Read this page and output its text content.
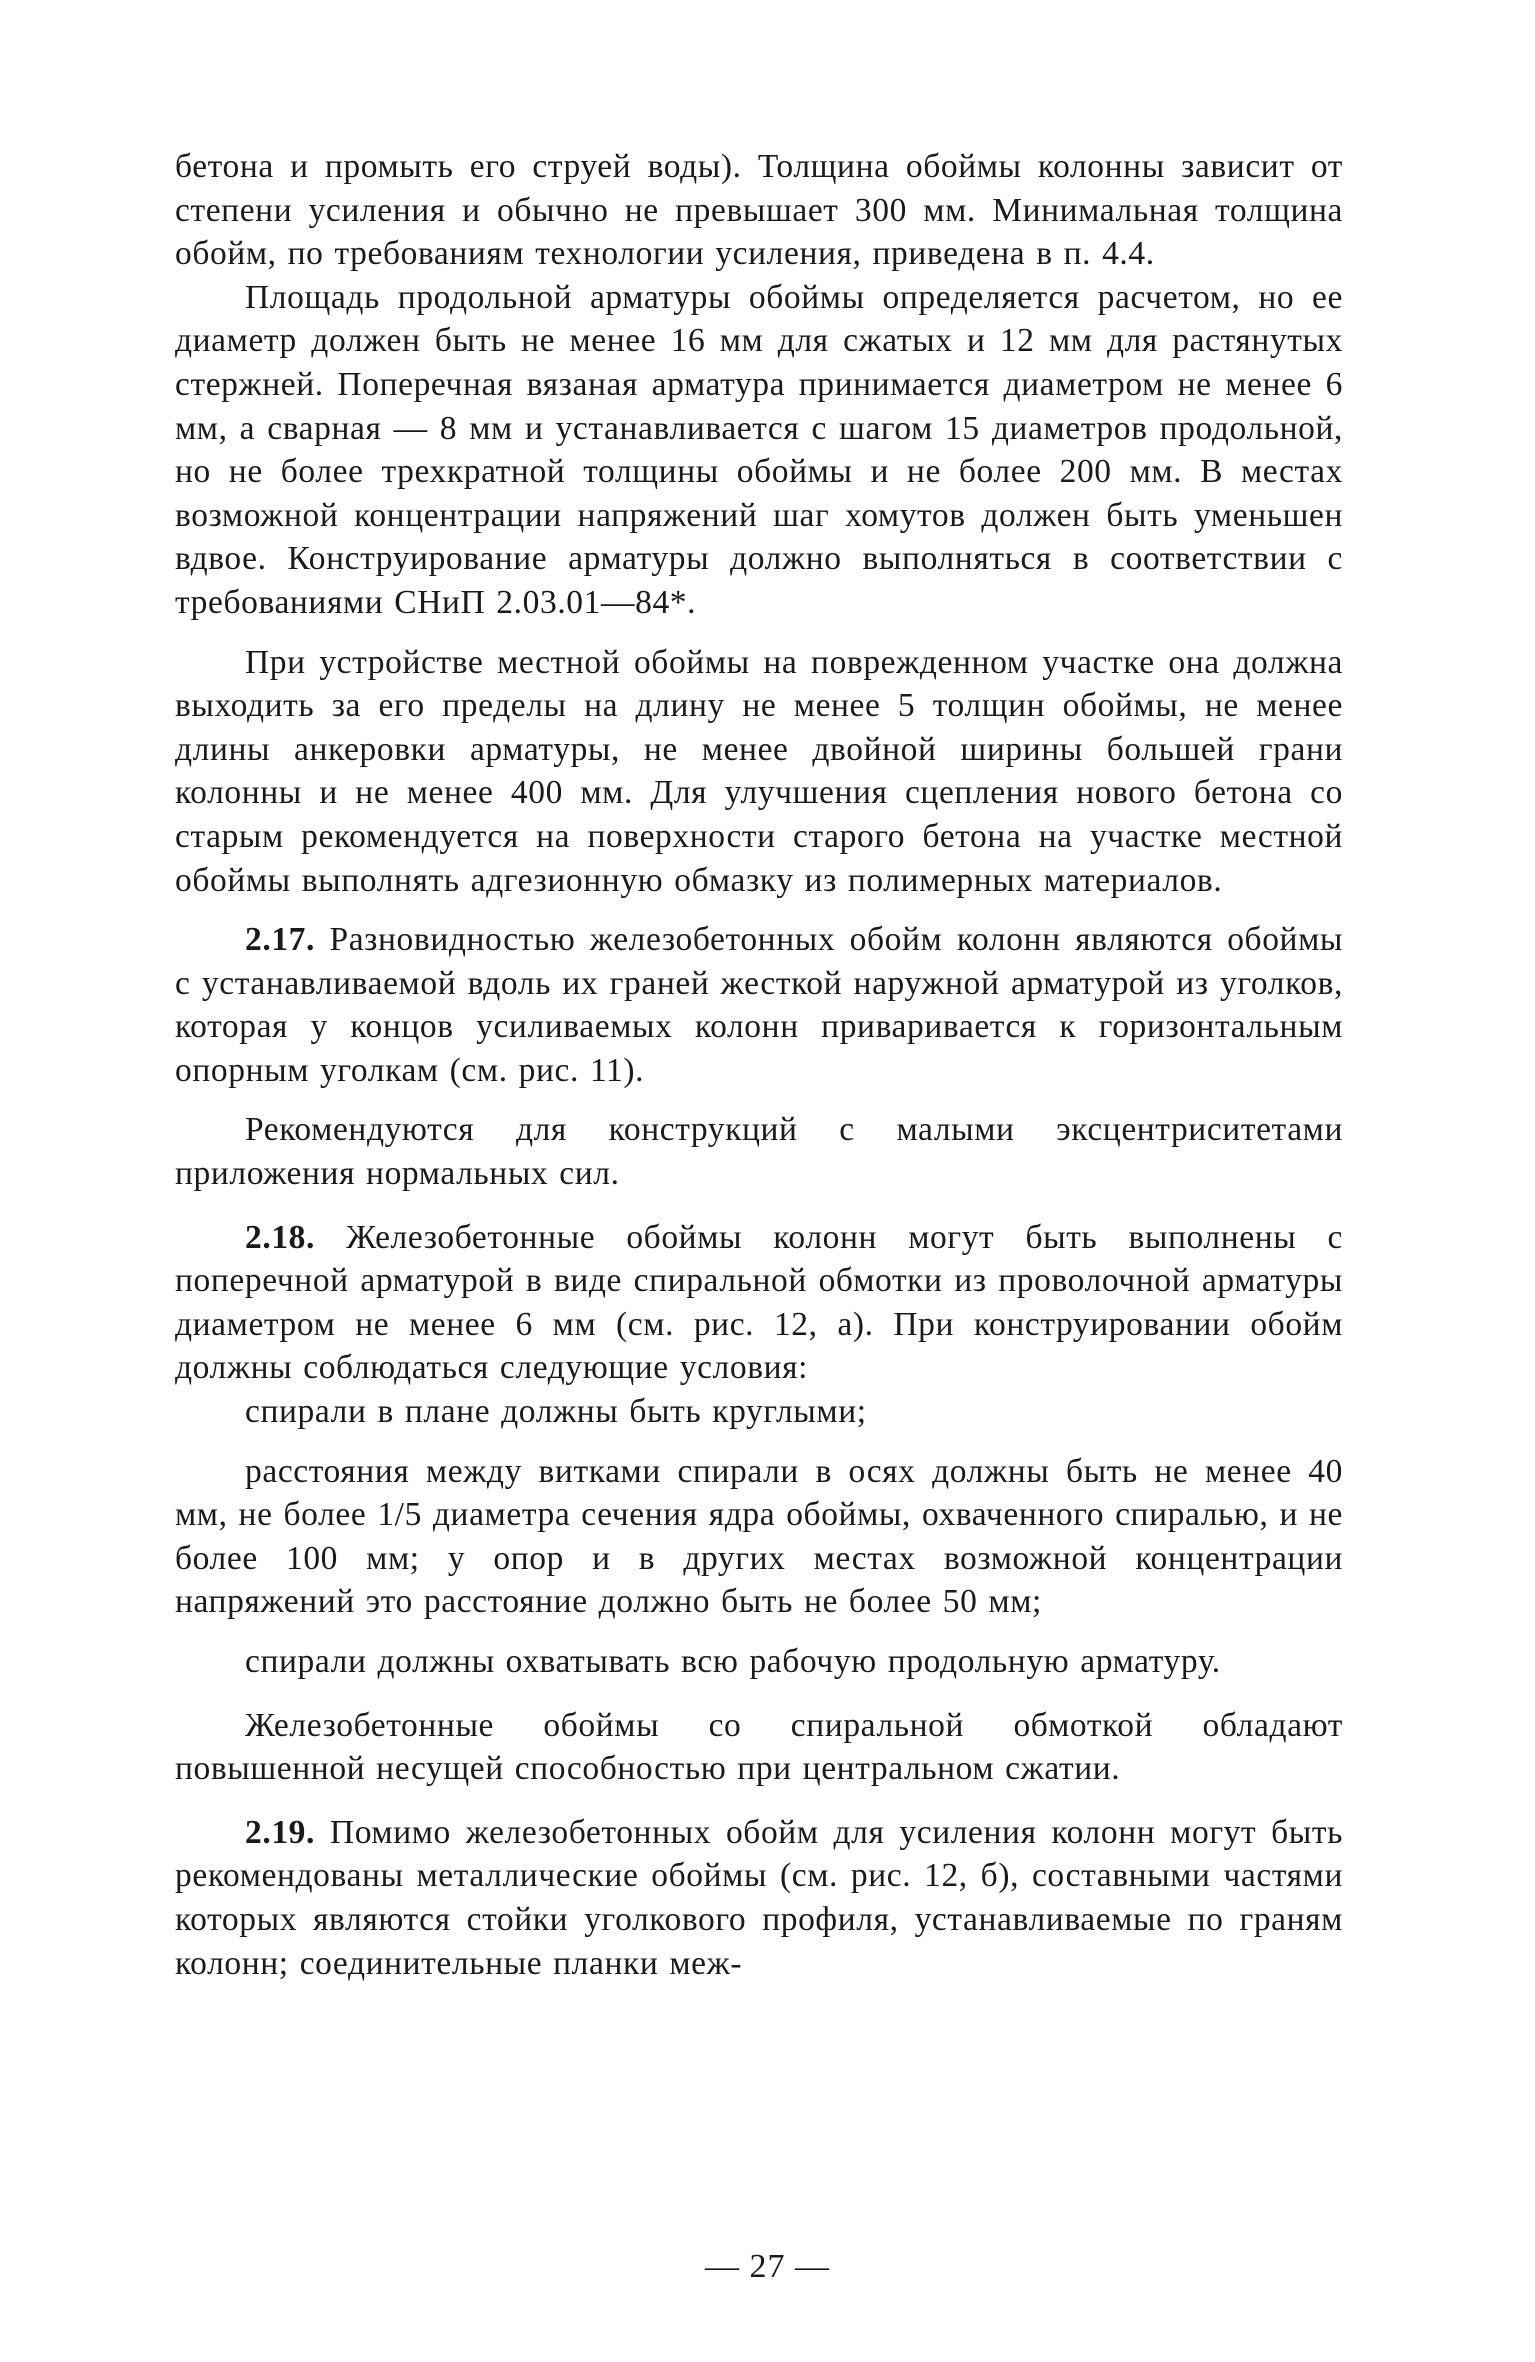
бетона и промыть его струей воды). Толщина обоймы колонны зависит от степени усиления и обычно не превышает 300 мм. Минимальная толщина обойм, по требованиям технологии усиления, приведена в п. 4.4.

Площадь продольной арматуры обоймы определяется расчетом, но ее диаметр должен быть не менее 16 мм для сжатых и 12 мм для растянутых стержней. Поперечная вязаная арматура принимается диаметром не менее 6 мм, а сварная — 8 мм и устанавливается с шагом 15 диаметров продольной, но не более трехкратной толщины обоймы и не более 200 мм. В местах возможной концентрации напряжений шаг хомутов должен быть уменьшен вдвое. Конструирование арматуры должно выполняться в соответствии с требованиями СНиП 2.03.01—84*.

При устройстве местной обоймы на поврежденном участке она должна выходить за его пределы на длину не менее 5 толщин обоймы, не менее длины анкеровки арматуры, не менее двойной ширины большей грани колонны и не менее 400 мм. Для улучшения сцепления нового бетона со старым рекомендуется на поверхности старого бетона на участке местной обоймы выполнять адгезионную обмазку из полимерных материалов.

2.17. Разновидностью железобетонных обойм колонн являются обоймы с устанавливаемой вдоль их граней жесткой наружной арматурой из уголков, которая у концов усиливаемых колонн приваривается к горизонтальным опорным уголкам (см. рис. 11).

Рекомендуются для конструкций с малыми эксцентриситетами приложения нормальных сил.

2.18. Железобетонные обоймы колонн могут быть выполнены с поперечной арматурой в виде спиральной обмотки из проволочной арматуры диаметром не менее 6 мм (см. рис. 12, а). При конструировании обойм должны соблюдаться следующие условия:

спирали в плане должны быть круглыми;

расстояния между витками спирали в осях должны быть не менее 40 мм, не более 1/5 диаметра сечения ядра обоймы, охваченного спиралью, и не более 100 мм; у опор и в других местах возможной концентрации напряжений это расстояние должно быть не более 50 мм;

спирали должны охватывать всю рабочую продольную арматуру.

Железобетонные обоймы со спиральной обмоткой обладают повышенной несущей способностью при центральном сжатии.

2.19. Помимо железобетонных обойм для усиления колонн могут быть рекомендованы металлические обоймы (см. рис. 12, б), составными частями которых являются стойки уголкового профиля, устанавливаемые по граням колонн; соединительные планки меж-

— 27 —
